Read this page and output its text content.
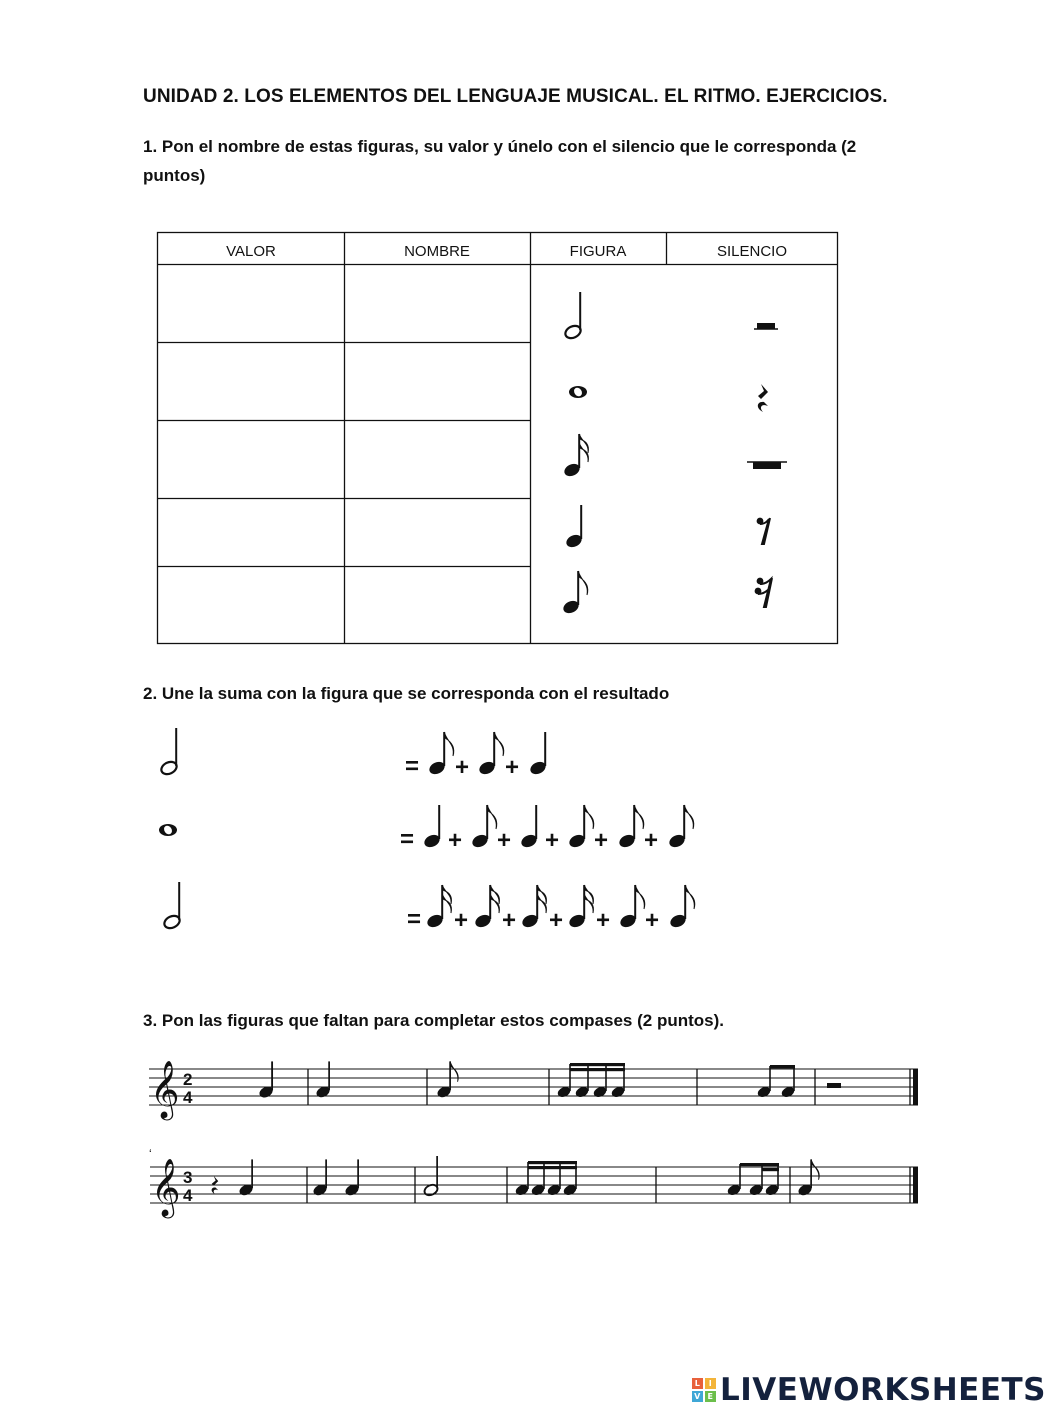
UNIDAD 2. LOS ELEMENTOS DEL LENGUAJE MUSICAL. EL RITMO. EJERCICIOS.
1. Pon el nombre de estas figuras, su valor y únelo con el silencio que le corresponda (2 puntos)
2. Une la suma con la figura que se corresponda con el resultado
3. Pon las figuras que faltan para completar estos compases (2 puntos).
VALOR	NOMBRE	FIGURA	SILENCIO
= + +
= + + + + +
= + + + + +
𝄞 2
4
ʻ
𝄞 3
4
L	I
V E LIVEWORKSHEETS
